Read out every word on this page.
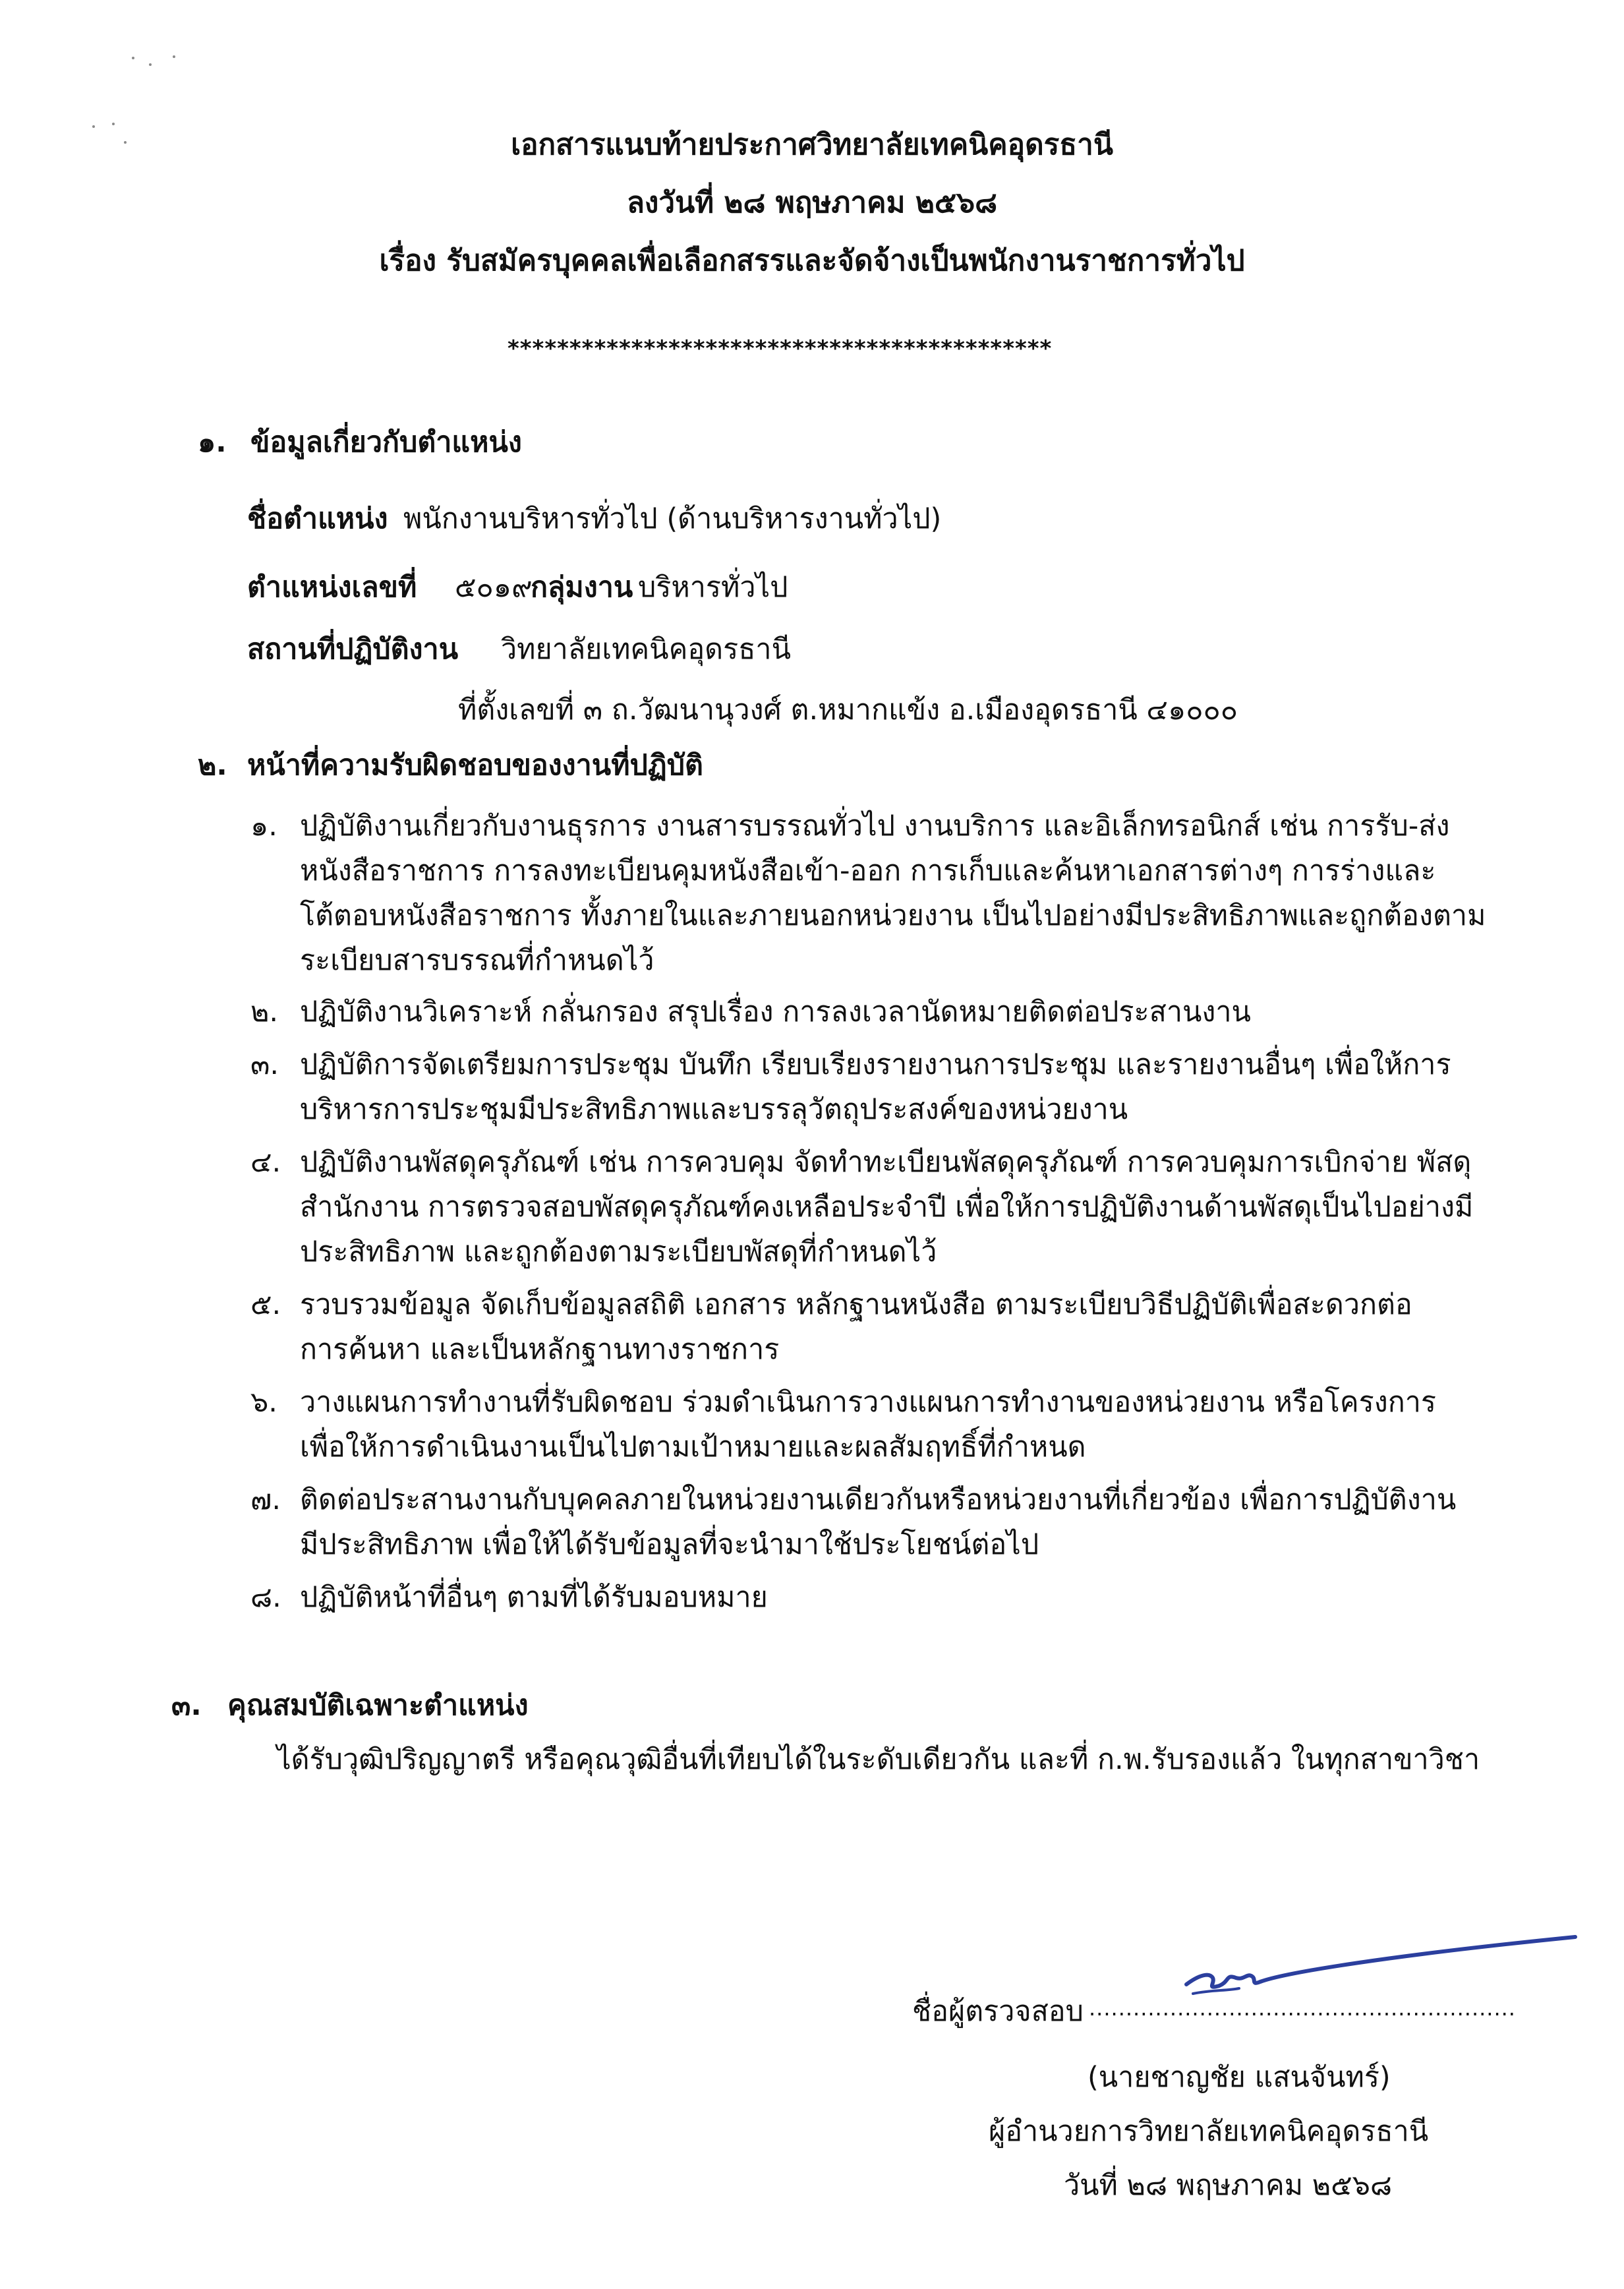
เอกสารแนบท้ายประกาศวิทยาลัยเทคนิคอุดรธานี
ลงวันที่ ๒๘ พฤษภาคม ๒๕๖๘
เรื่อง รับสมัครบุคคลเพื่อเลือกสรรและจัดจ้างเป็นพนักงานราชการทั่วไป
********************************************
๑. ข้อมูลเกี่ยวกับตำแหน่ง
ชื่อตำแหน่ง พนักงานบริหารทั่วไป (ด้านบริหารงานทั่วไป)
ตำแหน่งเลขที่ ๕๐๑๙
กลุ่มงาน บริหารทั่วไป
สถานที่ปฏิบัติงาน วิทยาลัยเทคนิคอุดรธานี
ที่ตั้งเลขที่ ๓ ถ.วัฒนานุวงศ์ ต.หมากแข้ง อ.เมืองอุดรธานี ๔๑๐๐๐
๒. หน้าที่ความรับผิดชอบของงานที่ปฏิบัติ
๑. ปฏิบัติงานเกี่ยวกับงานธุรการ งานสารบรรณทั่วไป งานบริการ และอิเล็กทรอนิกส์ เช่น การรับ-ส่ง
หนังสือราชการ การลงทะเบียนคุมหนังสือเข้า-ออก การเก็บและค้นหาเอกสารต่างๆ การร่างและ
โต้ตอบหนังสือราชการ ทั้งภายในและภายนอกหน่วยงาน เป็นไปอย่างมีประสิทธิภาพและถูกต้องตาม
ระเบียบสารบรรณที่กำหนดไว้
๒. ปฏิบัติงานวิเคราะห์ กลั่นกรอง สรุปเรื่อง การลงเวลานัดหมายติดต่อประสานงาน
๓. ปฏิบัติการจัดเตรียมการประชุม บันทึก เรียบเรียงรายงานการประชุม และรายงานอื่นๆ เพื่อให้การ
บริหารการประชุมมีประสิทธิภาพและบรรลุวัตถุประสงค์ของหน่วยงาน
๔. ปฏิบัติงานพัสดุครุภัณฑ์ เช่น การควบคุม จัดทำทะเบียนพัสดุครุภัณฑ์ การควบคุมการเบิกจ่าย พัสดุ
สำนักงาน การตรวจสอบพัสดุครุภัณฑ์คงเหลือประจำปี เพื่อให้การปฏิบัติงานด้านพัสดุเป็นไปอย่างมี
ประสิทธิภาพ และถูกต้องตามระเบียบพัสดุที่กำหนดไว้
๕. รวบรวมข้อมูล จัดเก็บข้อมูลสถิติ เอกสาร หลักฐานหนังสือ ตามระเบียบวิธีปฏิบัติเพื่อสะดวกต่อ
การค้นหา และเป็นหลักฐานทางราชการ
๖. วางแผนการทำงานที่รับผิดชอบ ร่วมดำเนินการวางแผนการทำงานของหน่วยงาน หรือโครงการ
เพื่อให้การดำเนินงานเป็นไปตามเป้าหมายและผลสัมฤทธิ์ที่กำหนด
๗. ติดต่อประสานงานกับบุคคลภายในหน่วยงานเดียวกันหรือหน่วยงานที่เกี่ยวข้อง เพื่อการปฏิบัติงาน
มีประสิทธิภาพ เพื่อให้ได้รับข้อมูลที่จะนำมาใช้ประโยชน์ต่อไป
๘. ปฏิบัติหน้าที่อื่นๆ ตามที่ได้รับมอบหมาย
๓. คุณสมบัติเฉพาะตำแหน่ง
ได้รับวุฒิปริญญาตรี หรือคุณวุฒิอื่นที่เทียบได้ในระดับเดียวกัน และที่ ก.พ.รับรองแล้ว ในทุกสาขาวิชา
ชื่อผู้ตรวจสอบ ..........................................................
(นายชาญชัย แสนจันทร์)
ผู้อำนวยการวิทยาลัยเทคนิคอุดรธานี
วันที่ ๒๘ พฤษภาคม ๒๕๖๘
